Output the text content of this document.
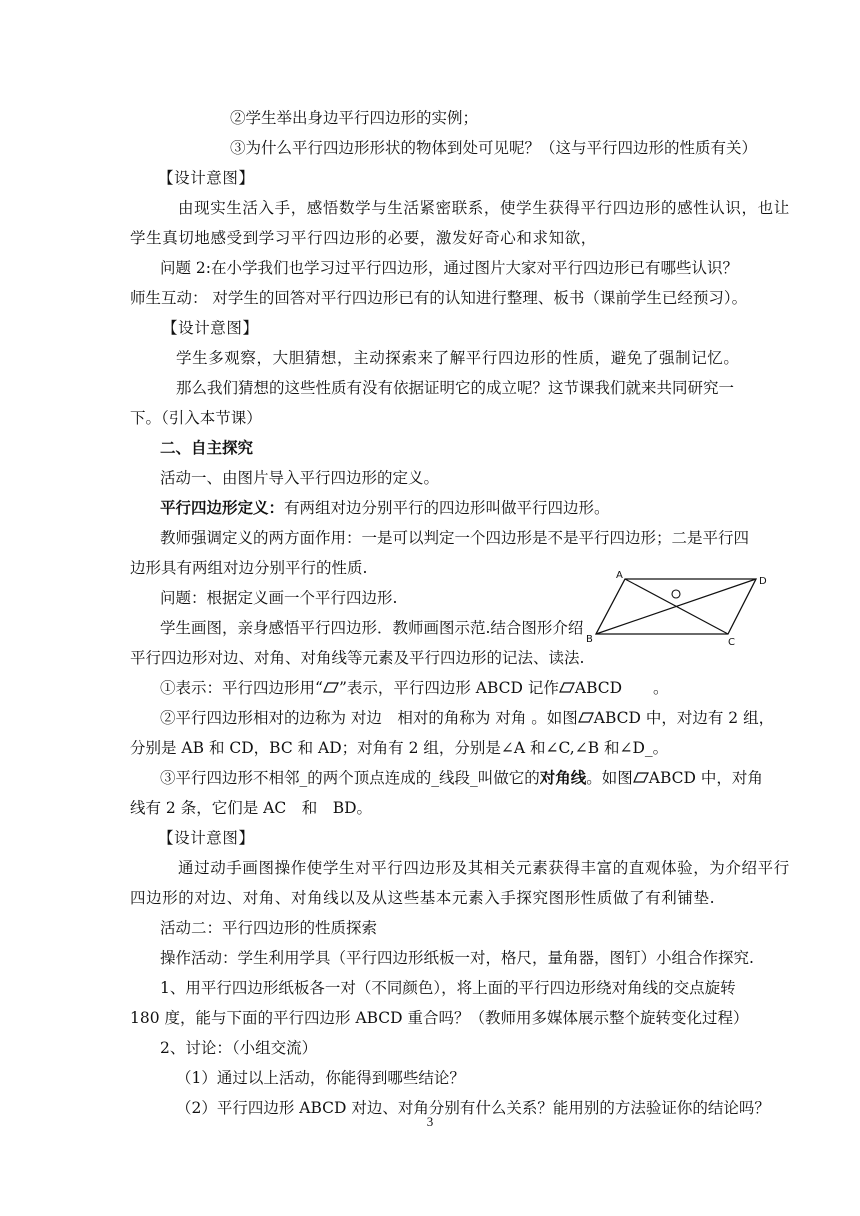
②学生举出身边平行四边形的实例；
③为什么平行四边形形状的物体到处可见呢？（这与平行四边形的性质有关）
【设计意图】
由现实生活入手，感悟数学与生活紧密联系，使学生获得平行四边形的感性认识，也让
学生真切地感受到学习平行四边形的必要，激发好奇心和求知欲，
问题 2:在小学我们也学习过平行四边形，通过图片大家对平行四边形已有哪些认识？
师生互动： 对学生的回答对平行四边形已有的认知进行整理、板书（课前学生已经预习）。
【设计意图】
学生多观察，大胆猜想，主动探索来了解平行四边形的性质，避免了强制记忆。
那么我们猜想的这些性质有没有依据证明它的成立呢？这节课我们就来共同研究一
下。（引入本节课）
二、自主探究
活动一、由图片导入平行四边形的定义。
平行四边形定义：有两组对边分别平行的四边形叫做平行四边形。
教师强调定义的两方面作用：一是可以判定一个四边形是不是平行四边形；二是平行四
边形具有两组对边分别平行的性质.
问题：根据定义画一个平行四边形.
学生画图，亲身感悟平行四边形．教师画图示范.结合图形介绍
平行四边形对边、对角、对角线等元素及平行四边形的记法、读法.
①表示：平行四边形用“ ”表示，平行四边形 ABCD 记作 ABCD　　。
②平行四边形相对的边称为 对边　相对的角称为 对角 。如图 ABCD 中，对边有 2 组，
分别是 AB 和 CD，BC 和 AD；对角有 2 组，分别是∠A 和∠C,∠B 和∠D_。
③平行四边形不相邻_的两个顶点连成的_线段_叫做它的对角线。如图 ABCD 中，对角
线有 2 条，它们是 AC　和　BD。
【设计意图】
通过动手画图操作使学生对平行四边形及其相关元素获得丰富的直观体验，为介绍平行
四边形的对边、对角、对角线以及从这些基本元素入手探究图形性质做了有利铺垫.
活动二：平行四边形的性质探索
操作活动：学生利用学具（平行四边形纸板一对，格尺，量角器，图钉）小组合作探究.
1、用平行四边形纸板各一对（不同颜色），将上面的平行四边形绕对角线的交点旋转
180 度，能与下面的平行四边形 ABCD 重合吗？（教师用多媒体展示整个旋转变化过程）
2、讨论：（小组交流）
（1）通过以上活动，你能得到哪些结论？
（2）平行四边形 ABCD 对边、对角分别有什么关系？能用别的方法验证你的结论吗？
A
D
B	C
3
